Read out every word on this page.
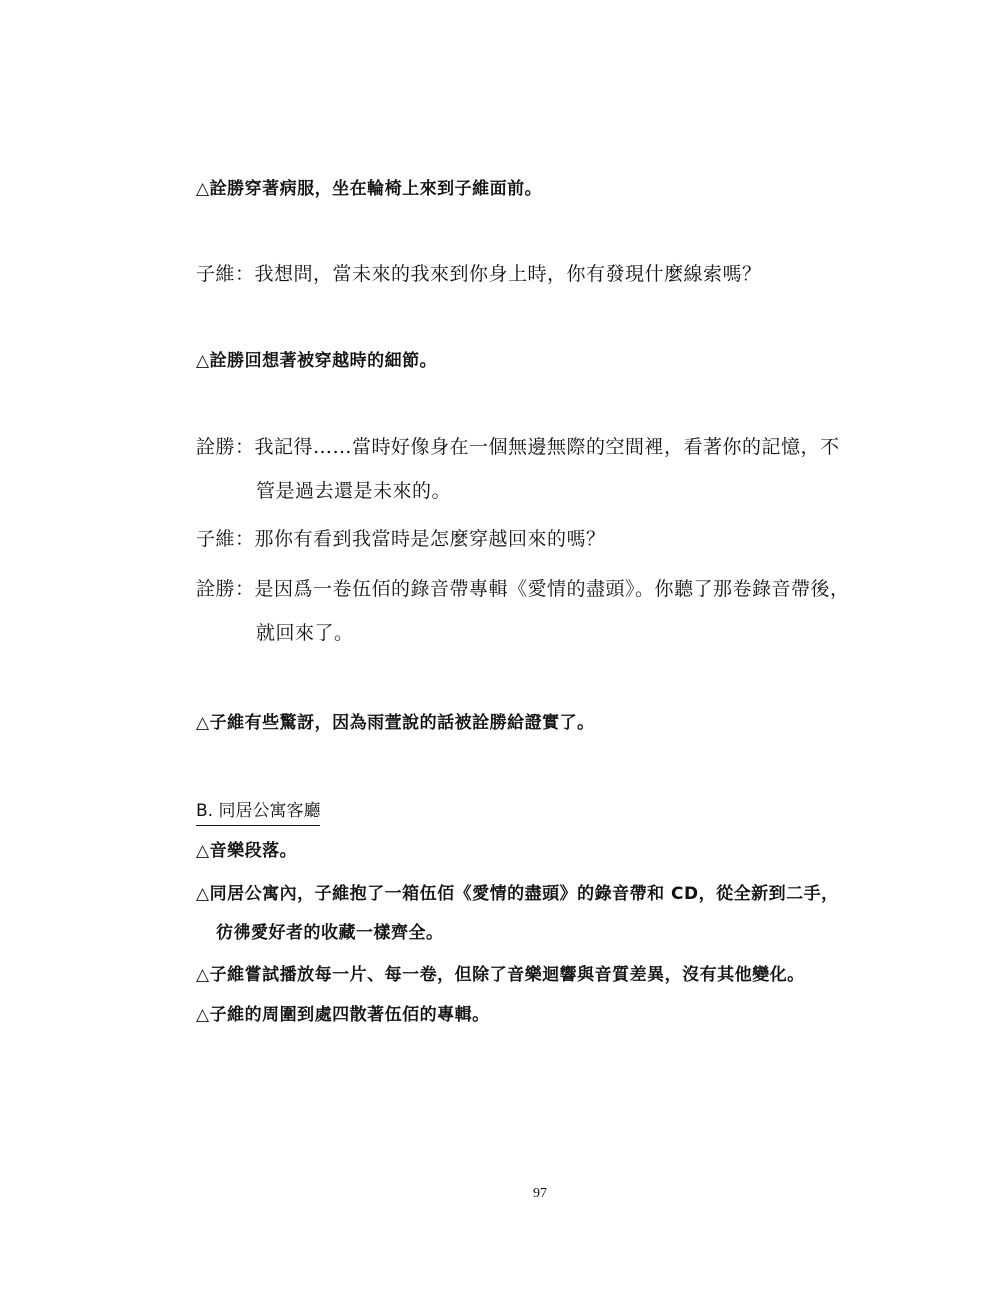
△詮勝穿著病服，坐在輪椅上來到子維面前。
子維：我想問，當未來的我來到你身上時，你有發現什麼線索嗎？
△詮勝回想著被穿越時的細節。
詮勝：我記得……當時好像身在一個無邊無際的空間裡，看著你的記憶，不
管是過去還是未來的。
子維：那你有看到我當時是怎麼穿越回來的嗎？
詮勝：是因爲一卷伍佰的錄音帶專輯《愛情的盡頭》。你聽了那卷錄音帶後，
就回來了。
△子維有些驚訝，因為雨萱說的話被詮勝給證實了。
B. 同居公寓客廳
△音樂段落。
△同居公寓內，子維抱了一箱伍佰《愛情的盡頭》的錄音帶和 CD，從全新到二手，
彷彿愛好者的收藏一樣齊全。
△子維嘗試播放每一片、每一卷，但除了音樂迴響與音質差異，沒有其他變化。
△子維的周圍到處四散著伍佰的專輯。
97
